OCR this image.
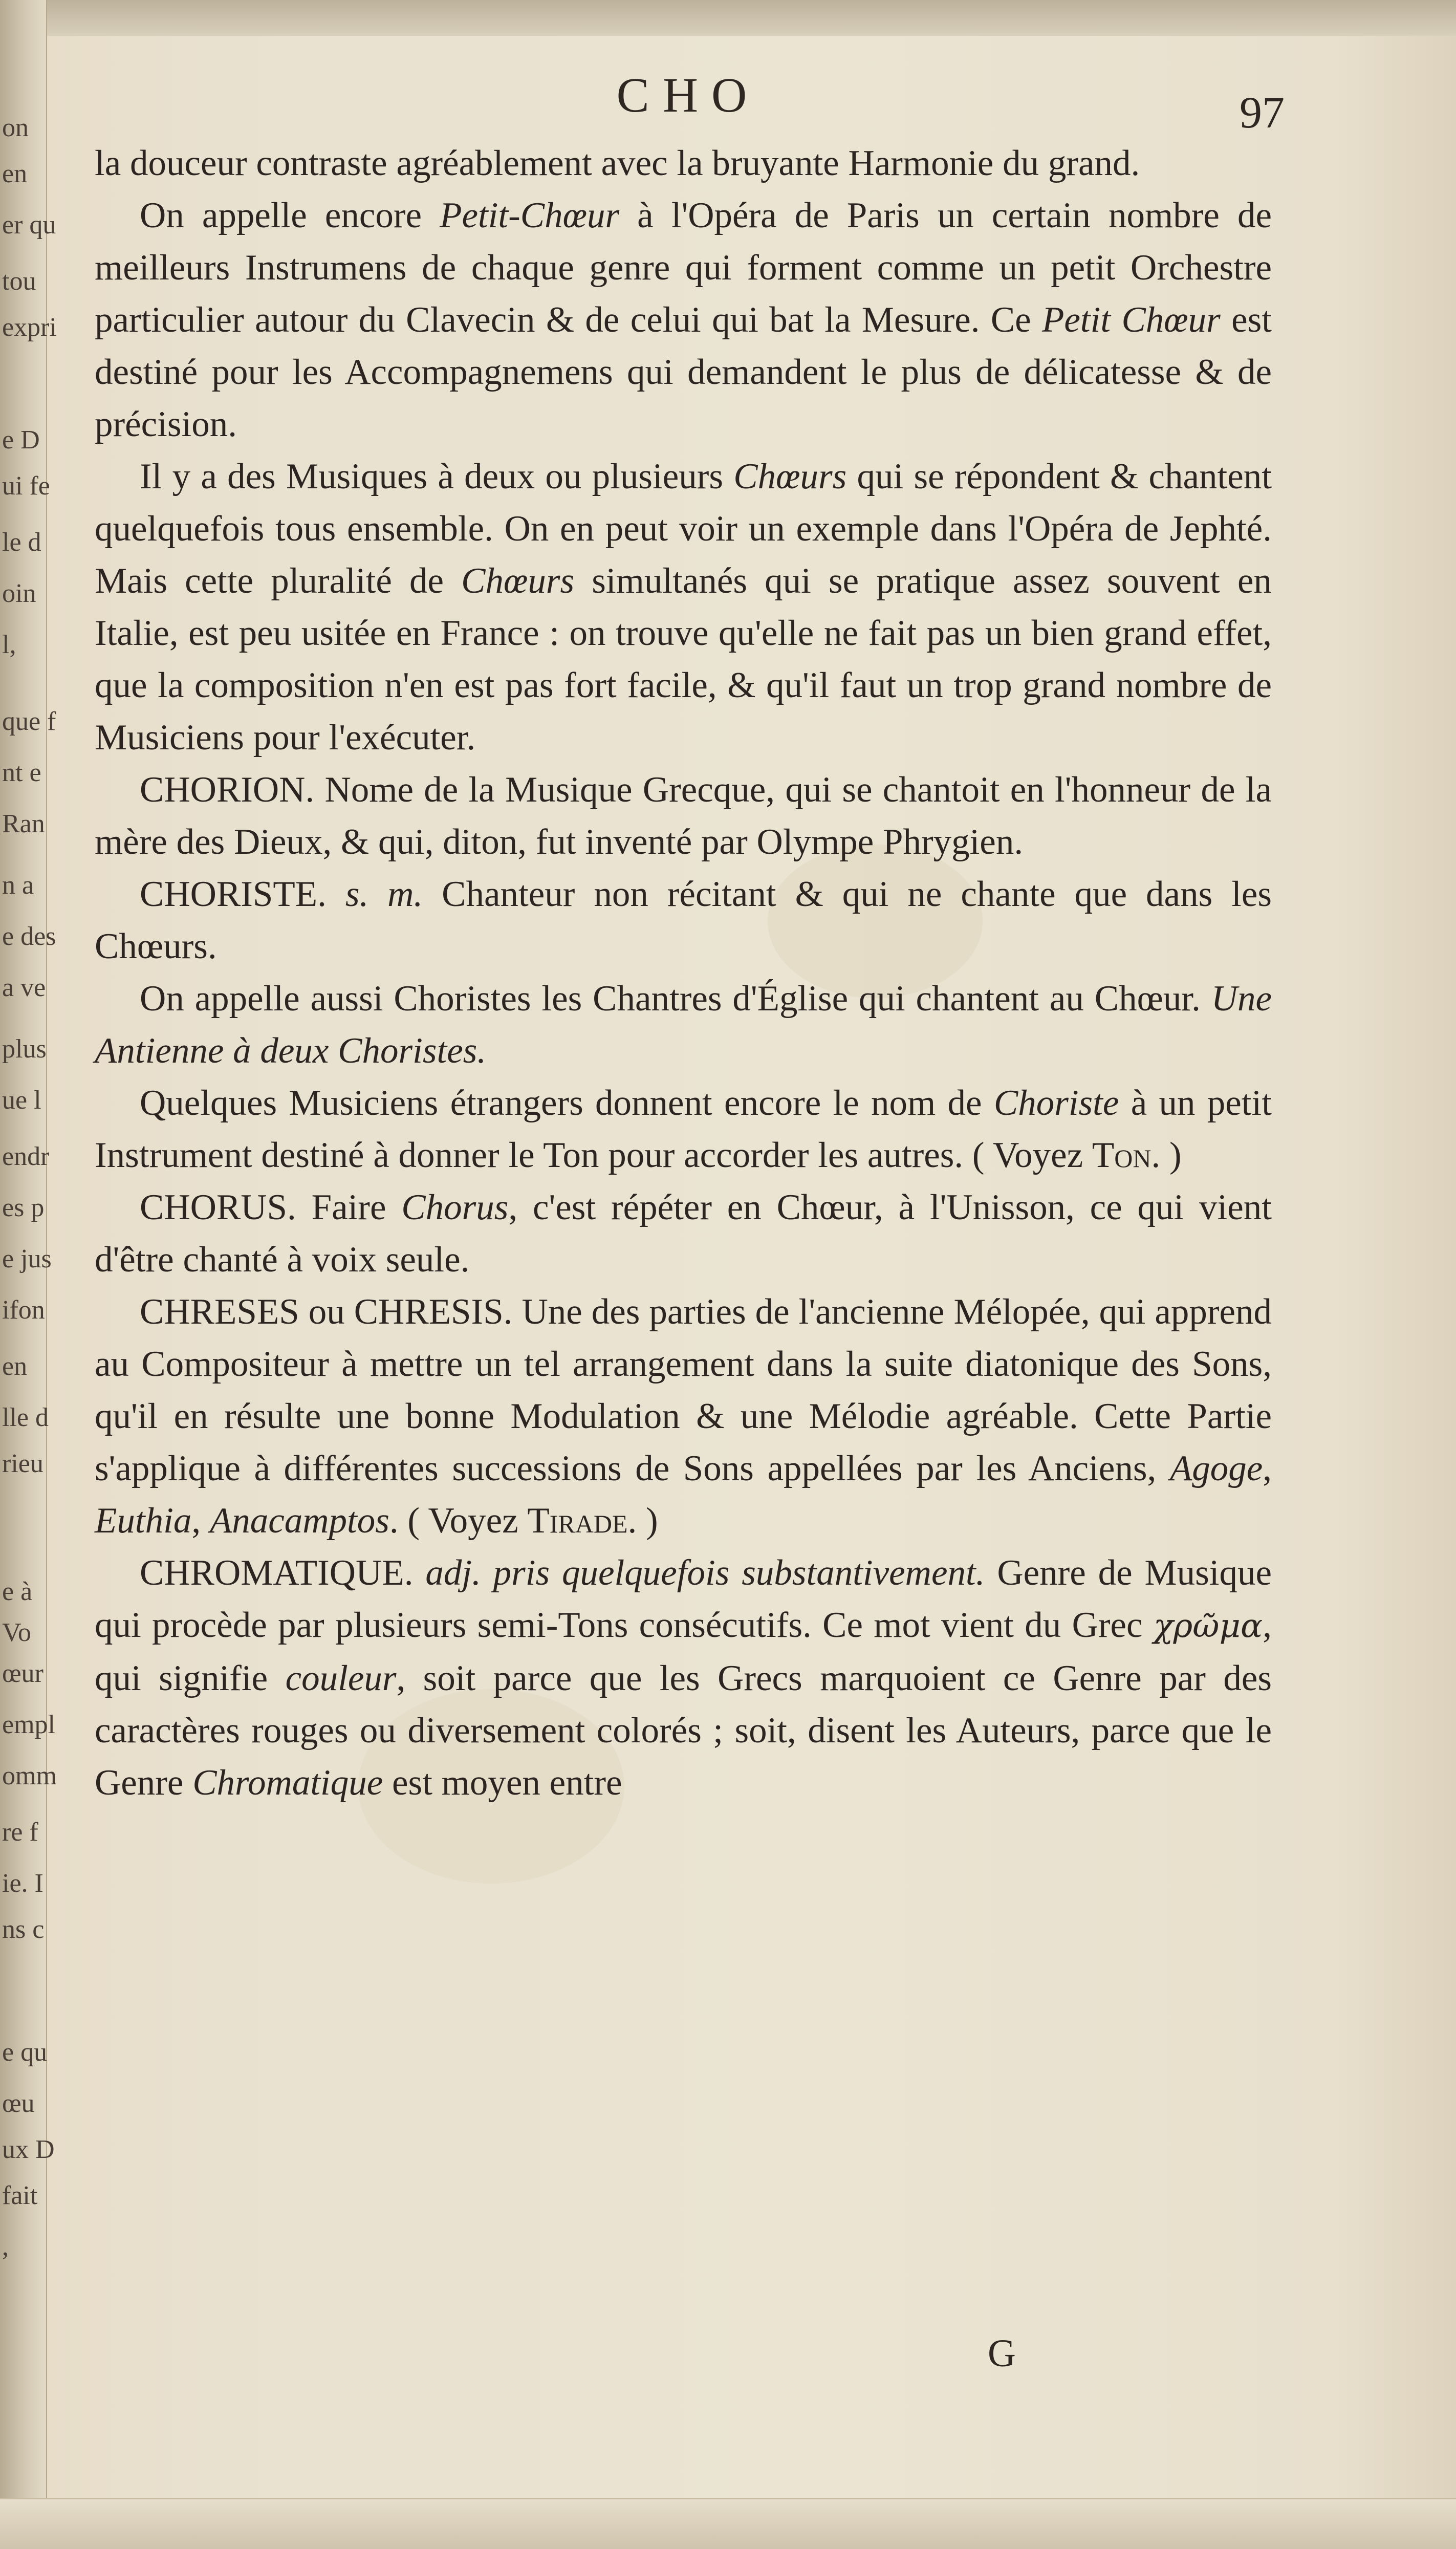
on
en
er qu
tou
expri
e D
ui fe
le d
oin
l,
que f
nt e
Ran
n a
e des
a ve
plus
ue l
endr
es p
e jus
ifon
en
lle d
rieu
e à
Vo
œur
empl
omm
re f
ie. I
ns c
e qu
œu
ux D
fait
,
CHO	97

la douceur contraste agréablement avec la bruyante Harmonie du grand.

On appelle encore Petit-Chœur à l'Opéra de Paris un certain nombre de meilleurs Instrumens de chaque genre qui forment comme un petit Orchestre particulier autour du Clavecin & de celui qui bat la Mesure. Ce Petit Chœur est destiné pour les Accompagnemens qui demandent le plus de délicatesse & de précision.

Il y a des Musiques à deux ou plusieurs Chœurs qui se répondent & chantent quelquefois tous ensemble. On en peut voir un exemple dans l'Opéra de Jephté. Mais cette pluralité de Chœurs simultanés qui se pratique assez souvent en Italie, est peu usitée en France : on trouve qu'elle ne fait pas un bien grand effet, que la composition n'en est pas fort facile, & qu'il faut un trop grand nombre de Musiciens pour l'exécuter.

CHORION. Nome de la Musique Grecque, qui se chantoit en l'honneur de la mère des Dieux, & qui, diton, fut inventé par Olympe Phrygien.

CHORISTE. s. m. Chanteur non récitant & qui ne chante que dans les Chœurs.

On appelle aussi Choristes les Chantres d'Église qui chantent au Chœur. Une Antienne à deux Choristes.

Quelques Musiciens étrangers donnent encore le nom de Choriste à un petit Instrument destiné à donner le Ton pour accorder les autres. ( Voyez Ton. )

CHORUS. Faire Chorus, c'est répéter en Chœur, à l'Unisson, ce qui vient d'être chanté à voix seule.

CHRESES ou CHRESIS. Une des parties de l'ancienne Mélopée, qui apprend au Compositeur à mettre un tel arrangement dans la suite diatonique des Sons, qu'il en résulte une bonne Modulation & une Mélodie agréable. Cette Partie s'applique à différentes successions de Sons appellées par les Anciens, Agoge, Euthia, Anacamptos. ( Voyez Tirade. )

CHROMATIQUE. adj. pris quelquefois substantivement. Genre de Musique qui procède par plusieurs semi-Tons consécutifs. Ce mot vient du Grec χρῶμα, qui signifie couleur, soit parce que les Grecs marquoient ce Genre par des caractères rouges ou diversement colorés ; soit, disent les Auteurs, parce que le Genre Chromatique est moyen entre

G
